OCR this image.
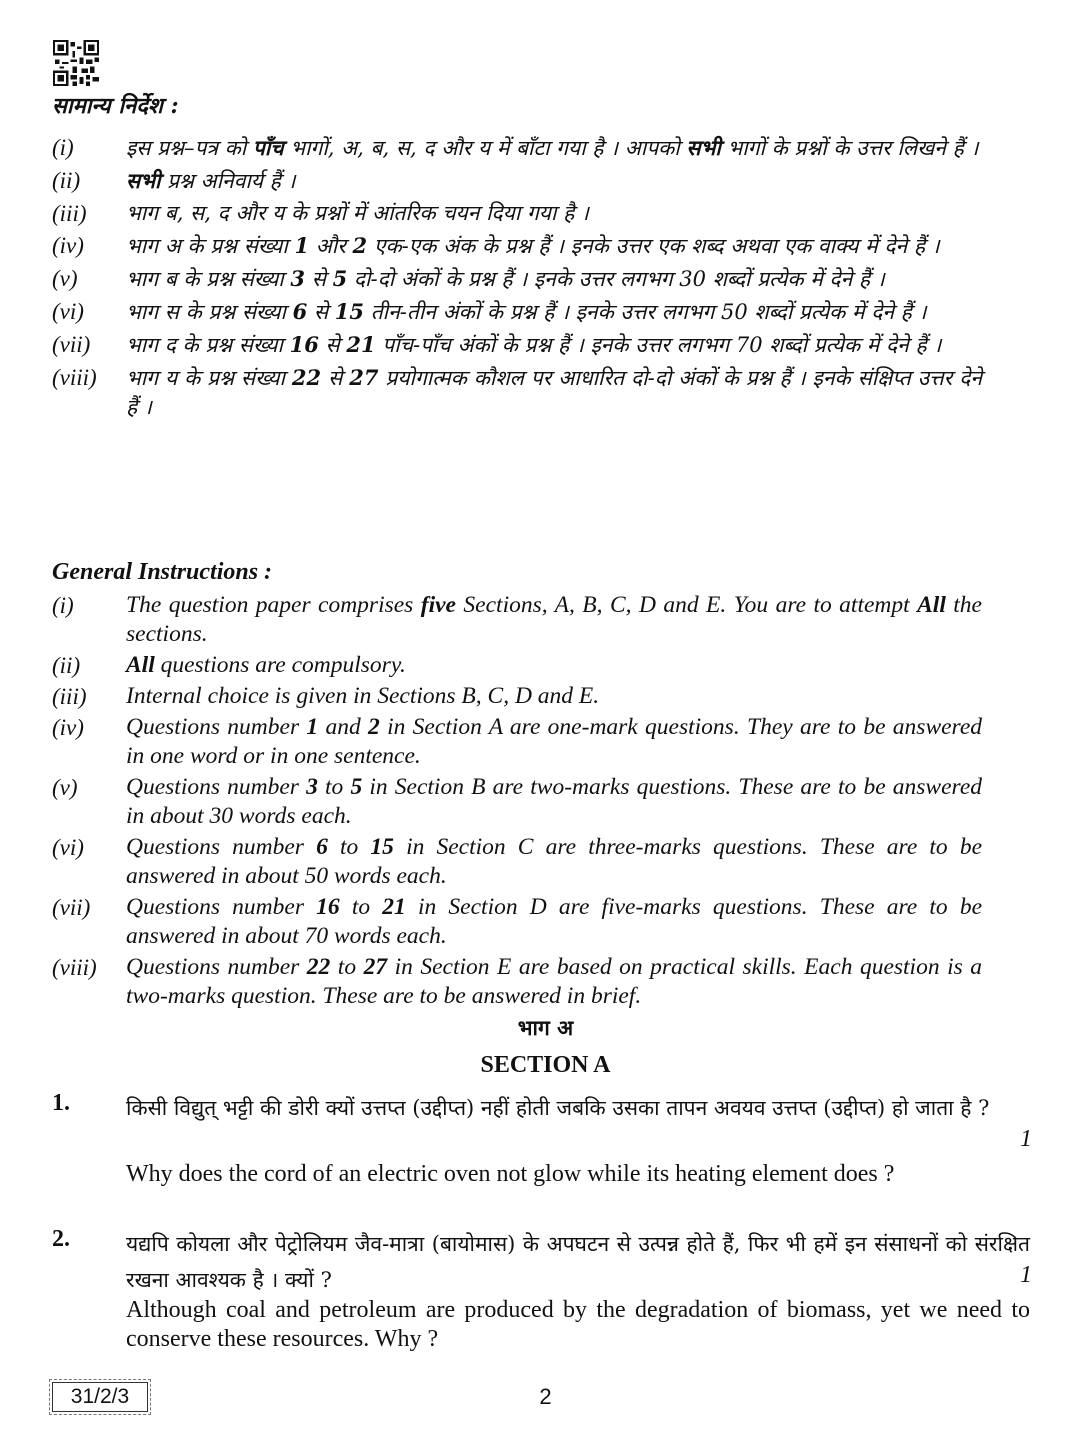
सामान्य निर्देश :

(i)	इस प्रश्न–पत्र को पाँच भागों, अ, ब, स, द और य में बाँटा गया है । आपको सभी भागों के प्रश्नों के उत्तर लिखने हैं ।
(ii)	सभी प्रश्न अनिवार्य हैं ।
(iii)	भाग ब, स, द और य के प्रश्नों में आंतरिक चयन दिया गया है ।
(iv)	भाग अ के प्रश्न संख्या 1 और 2 एक-एक अंक के प्रश्न हैं । इनके उत्तर एक शब्द अथवा एक वाक्य में देने हैं ।
(v)	भाग ब के प्रश्न संख्या 3 से 5 दो-दो अंकों के प्रश्न हैं । इनके उत्तर लगभग 30 शब्दों प्रत्येक में देने हैं ।
(vi)	भाग स के प्रश्न संख्या 6 से 15 तीन-तीन अंकों के प्रश्न हैं । इनके उत्तर लगभग 50 शब्दों प्रत्येक में देने हैं ।
(vii)	भाग द के प्रश्न संख्या 16 से 21 पाँच-पाँच अंकों के प्रश्न हैं । इनके उत्तर लगभग 70 शब्दों प्रत्येक में देने हैं ।
(viii)	भाग य के प्रश्न संख्या 22 से 27 प्रयोगात्मक कौशल पर आधारित दो-दो अंकों के प्रश्न हैं । इनके संक्षिप्त उत्तर देने हैं ।

General Instructions :

(i)	The question paper comprises five Sections, A, B, C, D and E. You are to attempt All the sections.
(ii)	All questions are compulsory.
(iii)	Internal choice is given in Sections B, C, D and E.
(iv)	Questions number 1 and 2 in Section A are one-mark questions. They are to be answered in one word or in one sentence.
(v)	Questions number 3 to 5 in Section B are two-marks questions. These are to be answered in about 30 words each.
(vi)	Questions number 6 to 15 in Section C are three-marks questions. These are to be answered in about 50 words each.
(vii)	Questions number 16 to 21 in Section D are five-marks questions. These are to be answered in about 70 words each.
(viii)	Questions number 22 to 27 in Section E are based on practical skills. Each question is a two-marks question. These are to be answered in brief.

भाग अ

SECTION A

1.	किसी विद्युत् भट्टी की डोरी क्यों उत्तप्त (उद्दीप्त) नहीं होती जबकि उसका तापन अवयव उत्तप्त (उद्दीप्त) हो जाता है ?

Why does the cord of an electric oven not glow while its heating element does ?

1
2.	यद्यपि कोयला और पेट्रोलियम जैव-मात्रा (बायोमास) के अपघटन से उत्पन्न होते हैं, फिर भी हमें इन संसाधनों को संरक्षित रखना आवश्यक है । क्यों ?

Although coal and petroleum are produced by the degradation of biomass, yet we need to conserve these resources. Why ?

1
31/2/3	2
